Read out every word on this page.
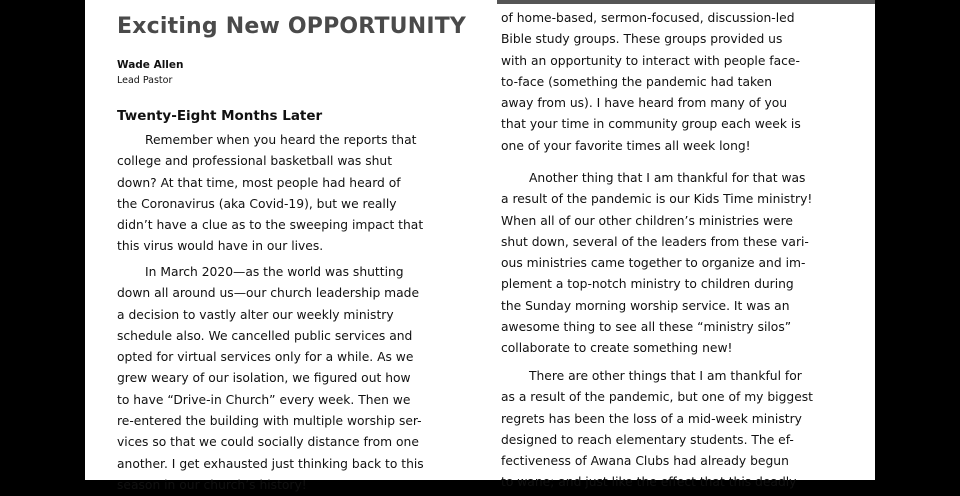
Exciting New OPPORTUNITY
Wade Allen
Lead Pastor
Twenty-Eight Months Later

Remember when you heard the reports that
college and professional basketball was shut
down? At that time, most people had heard of
the Coronavirus (aka Covid-19), but we really
didn’t have a clue as to the sweeping impact that
this virus would have in our lives.

In March 2020—as the world was shutting
down all around us—our church leadership made
a decision to vastly alter our weekly ministry
schedule also. We cancelled public services and
opted for virtual services only for a while. As we
grew weary of our isolation, we figured out how
to have “Drive-in Church” every week. Then we
re-entered the building with multiple worship ser-
vices so that we could socially distance from one
another. I get exhausted just thinking back to this
season in our church’s history!

of home-based, sermon-focused, discussion-led
Bible study groups. These groups provided us
with an opportunity to interact with people face-
to-face (something the pandemic had taken
away from us). I have heard from many of you
that your time in community group each week is
one of your favorite times all week long!

Another thing that I am thankful for that was
a result of the pandemic is our Kids Time ministry!
When all of our other children’s ministries were
shut down, several of the leaders from these vari-
ous ministries came together to organize and im-
plement a top-notch ministry to children during
the Sunday morning worship service. It was an
awesome thing to see all these “ministry silos”
collaborate to create something new!

There are other things that I am thankful for
as a result of the pandemic, but one of my biggest
regrets has been the loss of a mid-week ministry
designed to reach elementary students. The ef-
fectiveness of Awana Clubs had already begun
to wane; and just like the effect that this deadly
